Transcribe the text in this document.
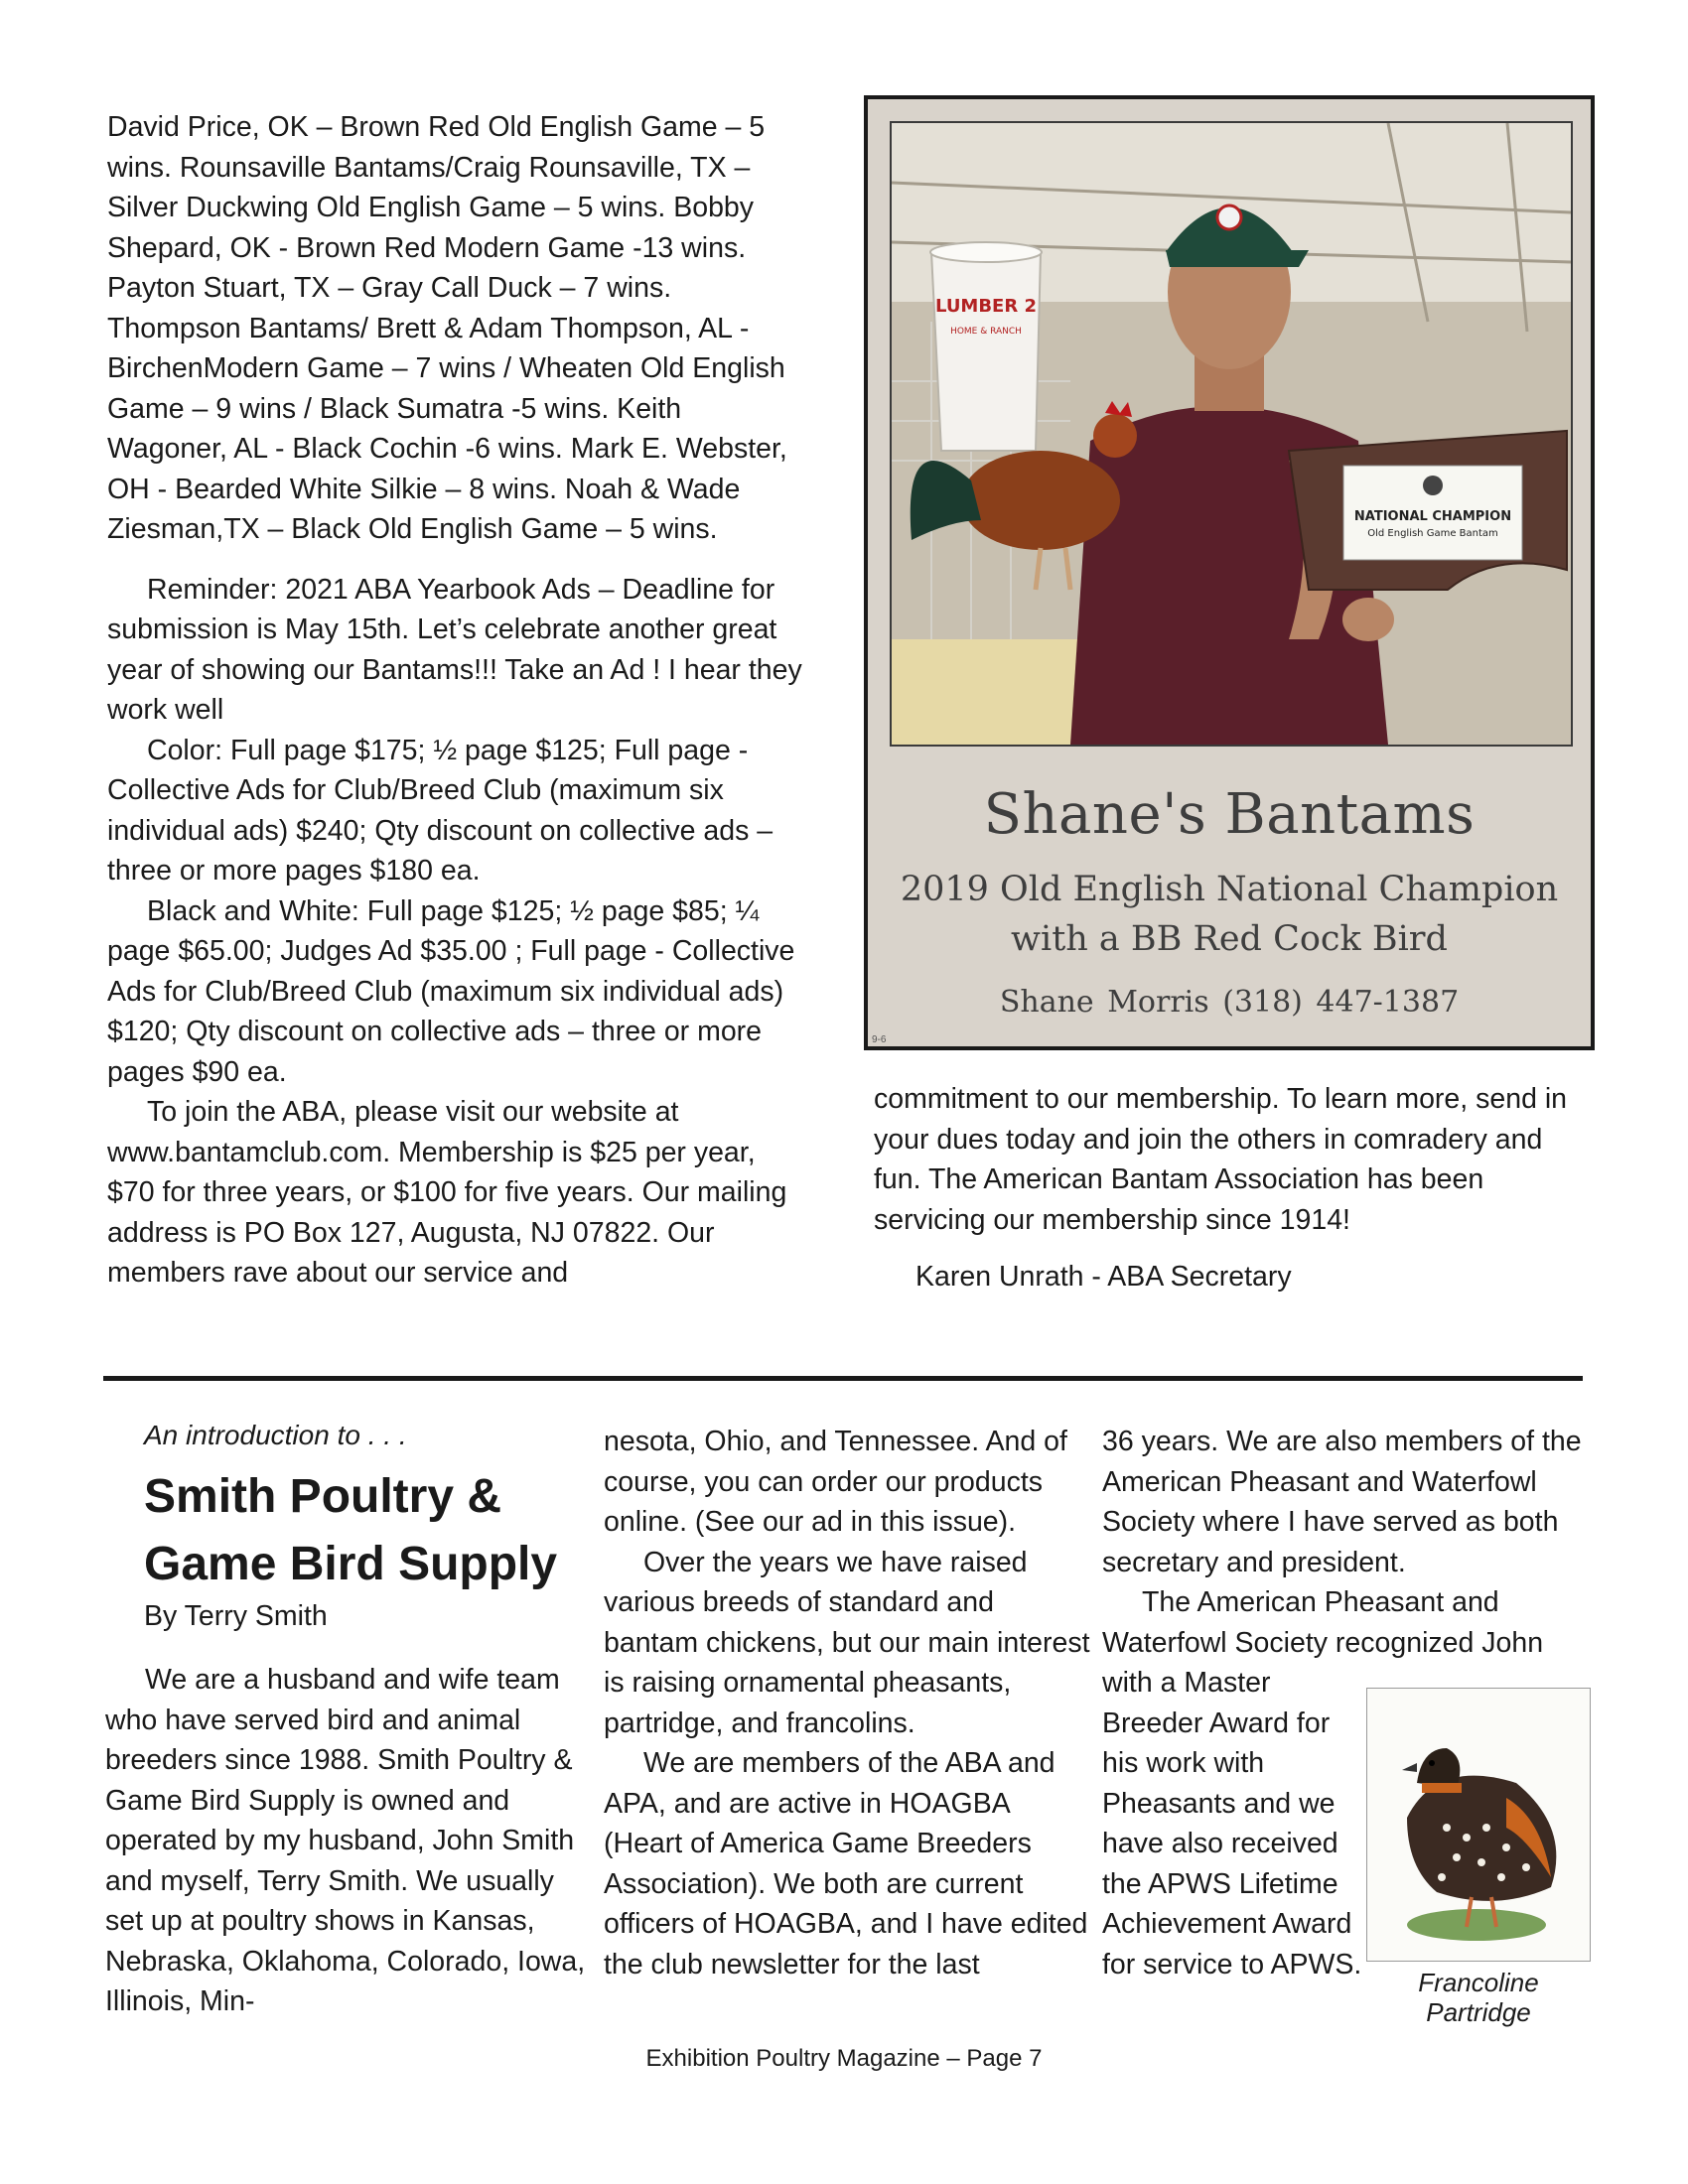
David Price, OK – Brown Red Old English Game – 5 wins. Rounsaville Bantams/Craig Rounsaville, TX – Silver Duckwing Old English Game – 5 wins. Bobby Shepard, OK - Brown Red Modern Game -13 wins. Payton Stuart, TX – Gray Call Duck – 7 wins. Thompson Bantams/ Brett & Adam Thompson, AL - BirchenModern Game – 7 wins / Wheaten Old English Game – 9 wins / Black Sumatra -5 wins. Keith Wagoner, AL - Black Cochin -6 wins. Mark E. Webster, OH - Bearded White Silkie – 8 wins. Noah & Wade Ziesman,TX – Black Old English Game – 5 wins.

Reminder: 2021 ABA Yearbook Ads – Deadline for submission is May 15th. Let’s celebrate another great year of showing our Bantams!!! Take an Ad ! I hear they work well

Color: Full page $175; ½ page $125; Full page - Collective Ads for Club/Breed Club (maximum six individual ads) $240; Qty discount on collective ads – three or more pages $180 ea.

Black and White: Full page $125; ½ page $85; ¼ page $65.00; Judges Ad $35.00 ; Full page - Collective Ads for Club/Breed Club (maximum six individual ads) $120; Qty discount on collective ads – three or more pages $90 ea.

To join the ABA, please visit our website at www.bantamclub.com. Membership is $25 per year, $70 for three years, or $100 for five years. Our mailing address is PO Box 127, Augusta, NJ 07822. Our members rave about our service and

LUMBER 2
HOME & RANCH
NATIONAL CHAMPION
Old English Game Bantam
Shane's Bantams
2019 Old English National Champion
with a BB Red Cock Bird
Shane Morris (318) 447-1387
9-6

commitment to our membership. To learn more, send in your dues today and join the others in comradery and fun. The American Bantam Association has been servicing our membership since 1914!

Karen Unrath - ABA Secretary
An introduction to . . .
Smith Poultry &
Game Bird Supply
By Terry Smith

We are a husband and wife team who have served bird and animal breeders since 1988. Smith Poultry & Game Bird Supply is owned and operated by my husband, John Smith and myself, Terry Smith. We usually set up at poultry shows in Kansas, Nebraska, Oklahoma, Colorado, Iowa, Illinois, Min-

nesota, Ohio, and Tennessee. And of course, you can order our products online. (See our ad in this issue).

Over the years we have raised various breeds of standard and bantam chickens, but our main interest is raising ornamental pheasants, partridge, and francolins.

We are members of the ABA and APA, and are active in HOAGBA (Heart of America Game Breeders Association). We both are current officers of HOAGBA, and I have edited the club newsletter for the last

36 years. We are also members of the American Pheasant and Waterfowl Society where I have served as both secretary and president.

The American Pheasant and Waterfowl Society recognized John

with a Master Breeder Award for his work with Pheasants and we have also received the APWS Lifetime Achievement Award for service to APWS.

Francoline
Partridge
Exhibition Poultry Magazine – Page 7
